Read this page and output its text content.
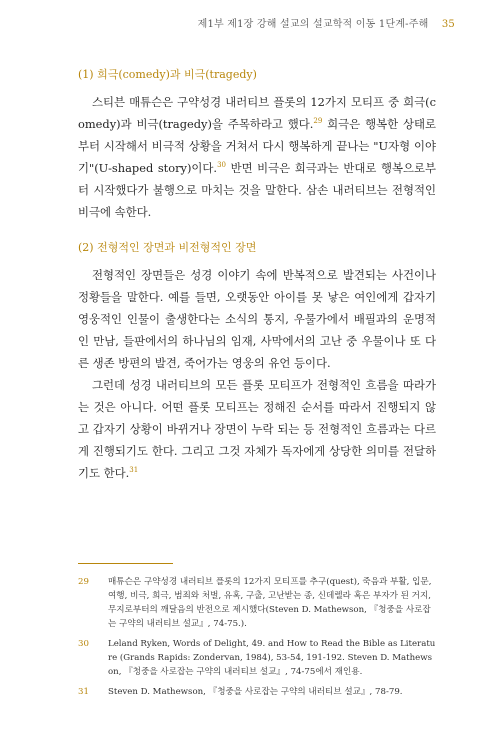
제1부 제1장 강해 설교의 설교학적 이동 1단계-주해 35
(1) 희극(comedy)과 비극(tragedy)

스티븐 매튜슨은 구약성경 내러티브 플롯의 12가지 모티프 중 희극(comedy)과 비극(tragedy)을 주목하라고 했다.$^{29}$ 희극은 행복한 상태로부터 시작해서 비극적 상황을 거쳐서 다시 행복하게 끝나는 "U자형 이야기"(U-shaped story)이다.$^{30}$ 반면 비극은 희극과는 반대로 행복으로부터 시작했다가 불행으로 마치는 것을 말한다. 삼손 내러티브는 전형적인 비극에 속한다.

(2) 전형적인 장면과 비전형적인 장면

전형적인 장면들은 성경 이야기 속에 반복적으로 발견되는 사건이나 정황들을 말한다. 예를 들면, 오랫동안 아이를 못 낳은 여인에게 갑자기 영웅적인 인물이 출생한다는 소식의 통지, 우물가에서 배필과의 운명적인 만남, 들판에서의 하나님의 임재, 사막에서의 고난 중 우물이나 또 다른 생존 방편의 발견, 죽어가는 영웅의 유언 등이다.

그런데 성경 내러티브의 모든 플롯 모티프가 전형적인 흐름을 따라가는 것은 아니다. 어떤 플롯 모티프는 정해진 순서를 따라서 진행되지 않고 갑자기 상황이 바뀌거나 장면이 누락 되는 등 전형적인 흐름과는 다르게 진행되기도 한다. 그리고 그것 자체가 독자에게 상당한 의미를 전달하기도 한다.$^{31}$

29	매튜슨은 구약성경 내러티브 플롯의 12가지 모티프를 추구(quest), 죽음과 부활, 입문, 여행, 비극, 희극, 범죄와 처벌, 유혹, 구출, 고난받는 종, 신데렐라 혹은 부자가 된 거지, 무지로부터의 깨달음의 반전으로 제시했다(Steven D. Mathewson, 『청중을 사로잡는 구약의 내러티브 설교』, 74-75.).
30	Leland Ryken, Words of Delight, 49. and How to Read the Bible as Literature (Grands Rapids: Zondervan, 1984), 53-54, 191-192. Steven D. Mathewson, 『청중을 사로잡는 구약의 내러티브 설교』, 74-75에서 재인용.
31	Steven D. Mathewson, 『청중을 사로잡는 구약의 내러티브 설교』, 78-79.
